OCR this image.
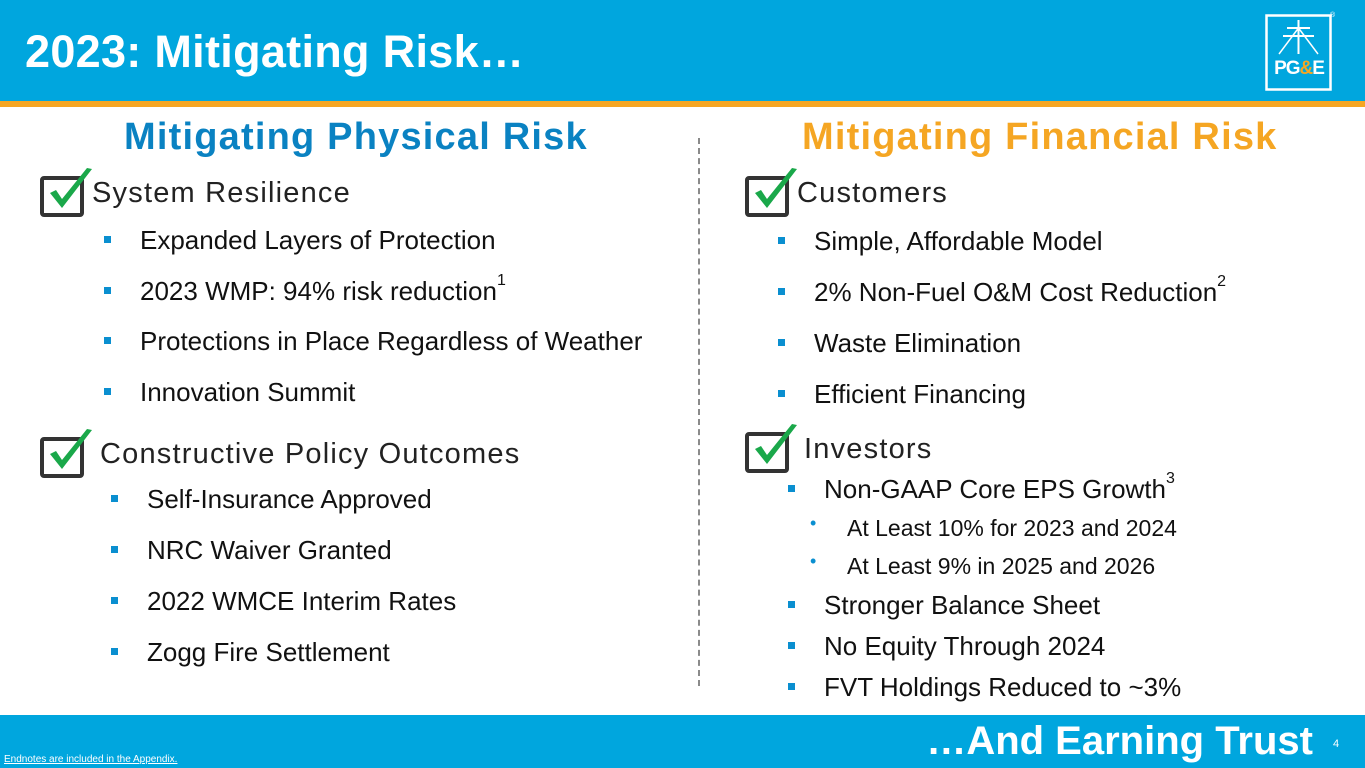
2023: Mitigating Risk…	PG&E
®
Mitigating Physical Risk	Mitigating Financial Risk
System Resilience
Expanded Layers of Protection
2023 WMP: 94% risk reduction$^1$
Protections in Place Regardless of Weather
Innovation Summit
Constructive Policy Outcomes
Self-Insurance Approved
NRC Waiver Granted
2022 WMCE Interim Rates
Zogg Fire Settlement
Customers
Simple, Affordable Model
2% Non-Fuel O&M Cost Reduction$^2$
Waste Elimination
Efficient Financing
Investors
Non-GAAP Core EPS Growth$^3$
• At Least 10% for 2023 and 2024
• At Least 9% in 2025 and 2026
Stronger Balance Sheet
No Equity Through 2024
FVT Holdings Reduced to ~3%
…And Earning Trust 4
Endnotes are included in the Appendix.
